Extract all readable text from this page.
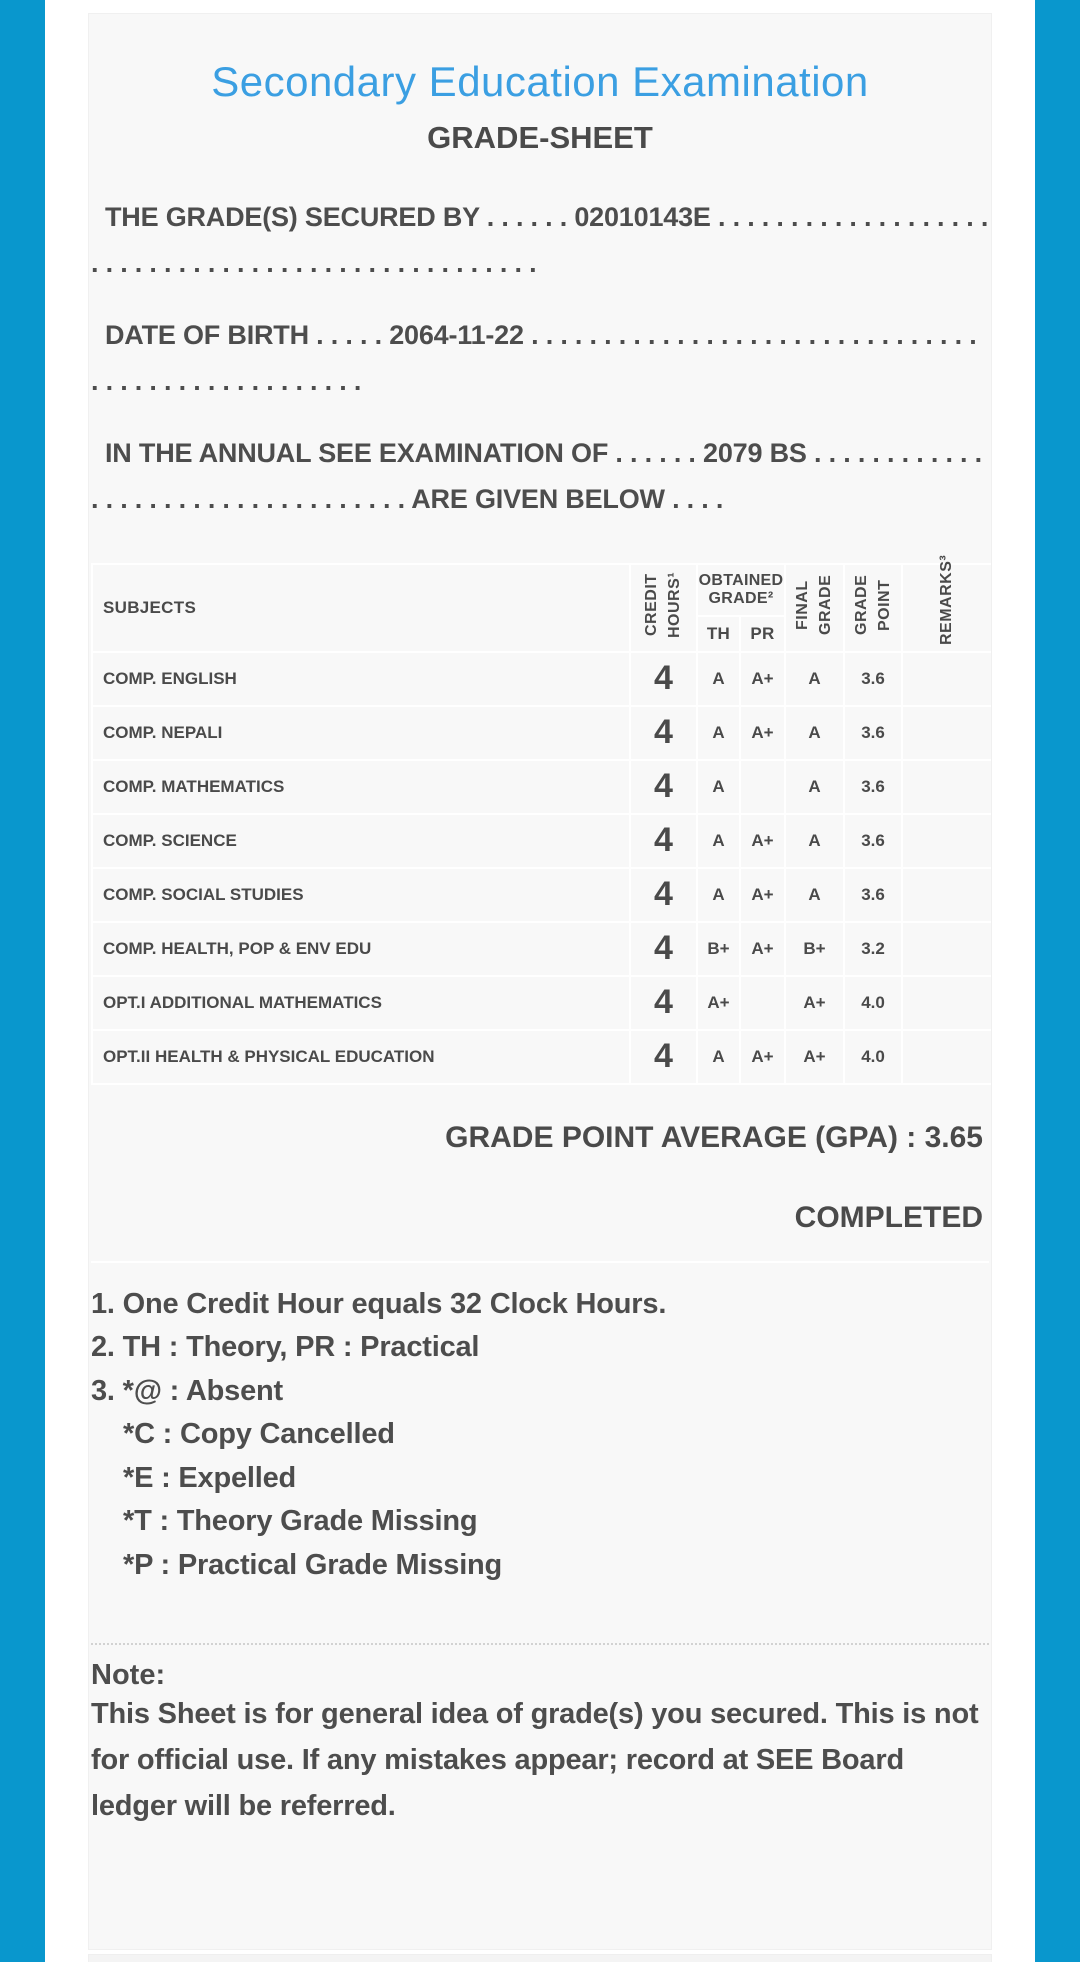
Secondary Education Examination
GRADE-SHEET

THE GRADE(S) SECURED BY . . . . . . 02010143E . . . . . . . . . . . . . . . . . . . . . . . . . . . . . . . . . . . . . . . . . . . . . . . . . .

DATE OF BIRTH . . . . . 2064-11-22 . . . . . . . . . . . . . . . . . . . . . . . . . . . . . . . . . . . . . . . . . . . . . . . . . .

IN THE ANNUAL SEE EXAMINATION OF . . . . . . 2079 BS . . . . . . . . . . . . . . . . . . . . . . . . . . . . . . . . . . ARE GIVEN BELOW . . . .

SUBJECTS	CREDIT HOURS¹	OBTAINED GRADE²		FINAL GRADE	GRADE POINT	REMARKS³
		TH	PR			
COMP. ENGLISH	4	A	A+	A	3.6	
COMP. NEPALI	4	A	A+	A	3.6	
COMP. MATHEMATICS	4	A		A	3.6	
COMP. SCIENCE	4	A	A+	A	3.6	
COMP. SOCIAL STUDIES	4	A	A+	A	3.6	
COMP. HEALTH, POP & ENV EDU	4	B+	A+	B+	3.2	
OPT.I ADDITIONAL MATHEMATICS	4	A+		A+	4.0	
OPT.II HEALTH & PHYSICAL EDUCATION	4	A	A+	A+	4.0	
GRADE POINT AVERAGE (GPA) : 3.65
COMPLETED
1. One Credit Hour equals 32 Clock Hours.
2. TH : Theory, PR : Practical
3. *@ : Absent
*C : Copy Cancelled
*E : Expelled
*T : Theory Grade Missing
*P : Practical Grade Missing
Note:
This Sheet is for general idea of grade(s) you secured. This is not for official use. If any mistakes appear; record at SEE Board ledger will be referred.
